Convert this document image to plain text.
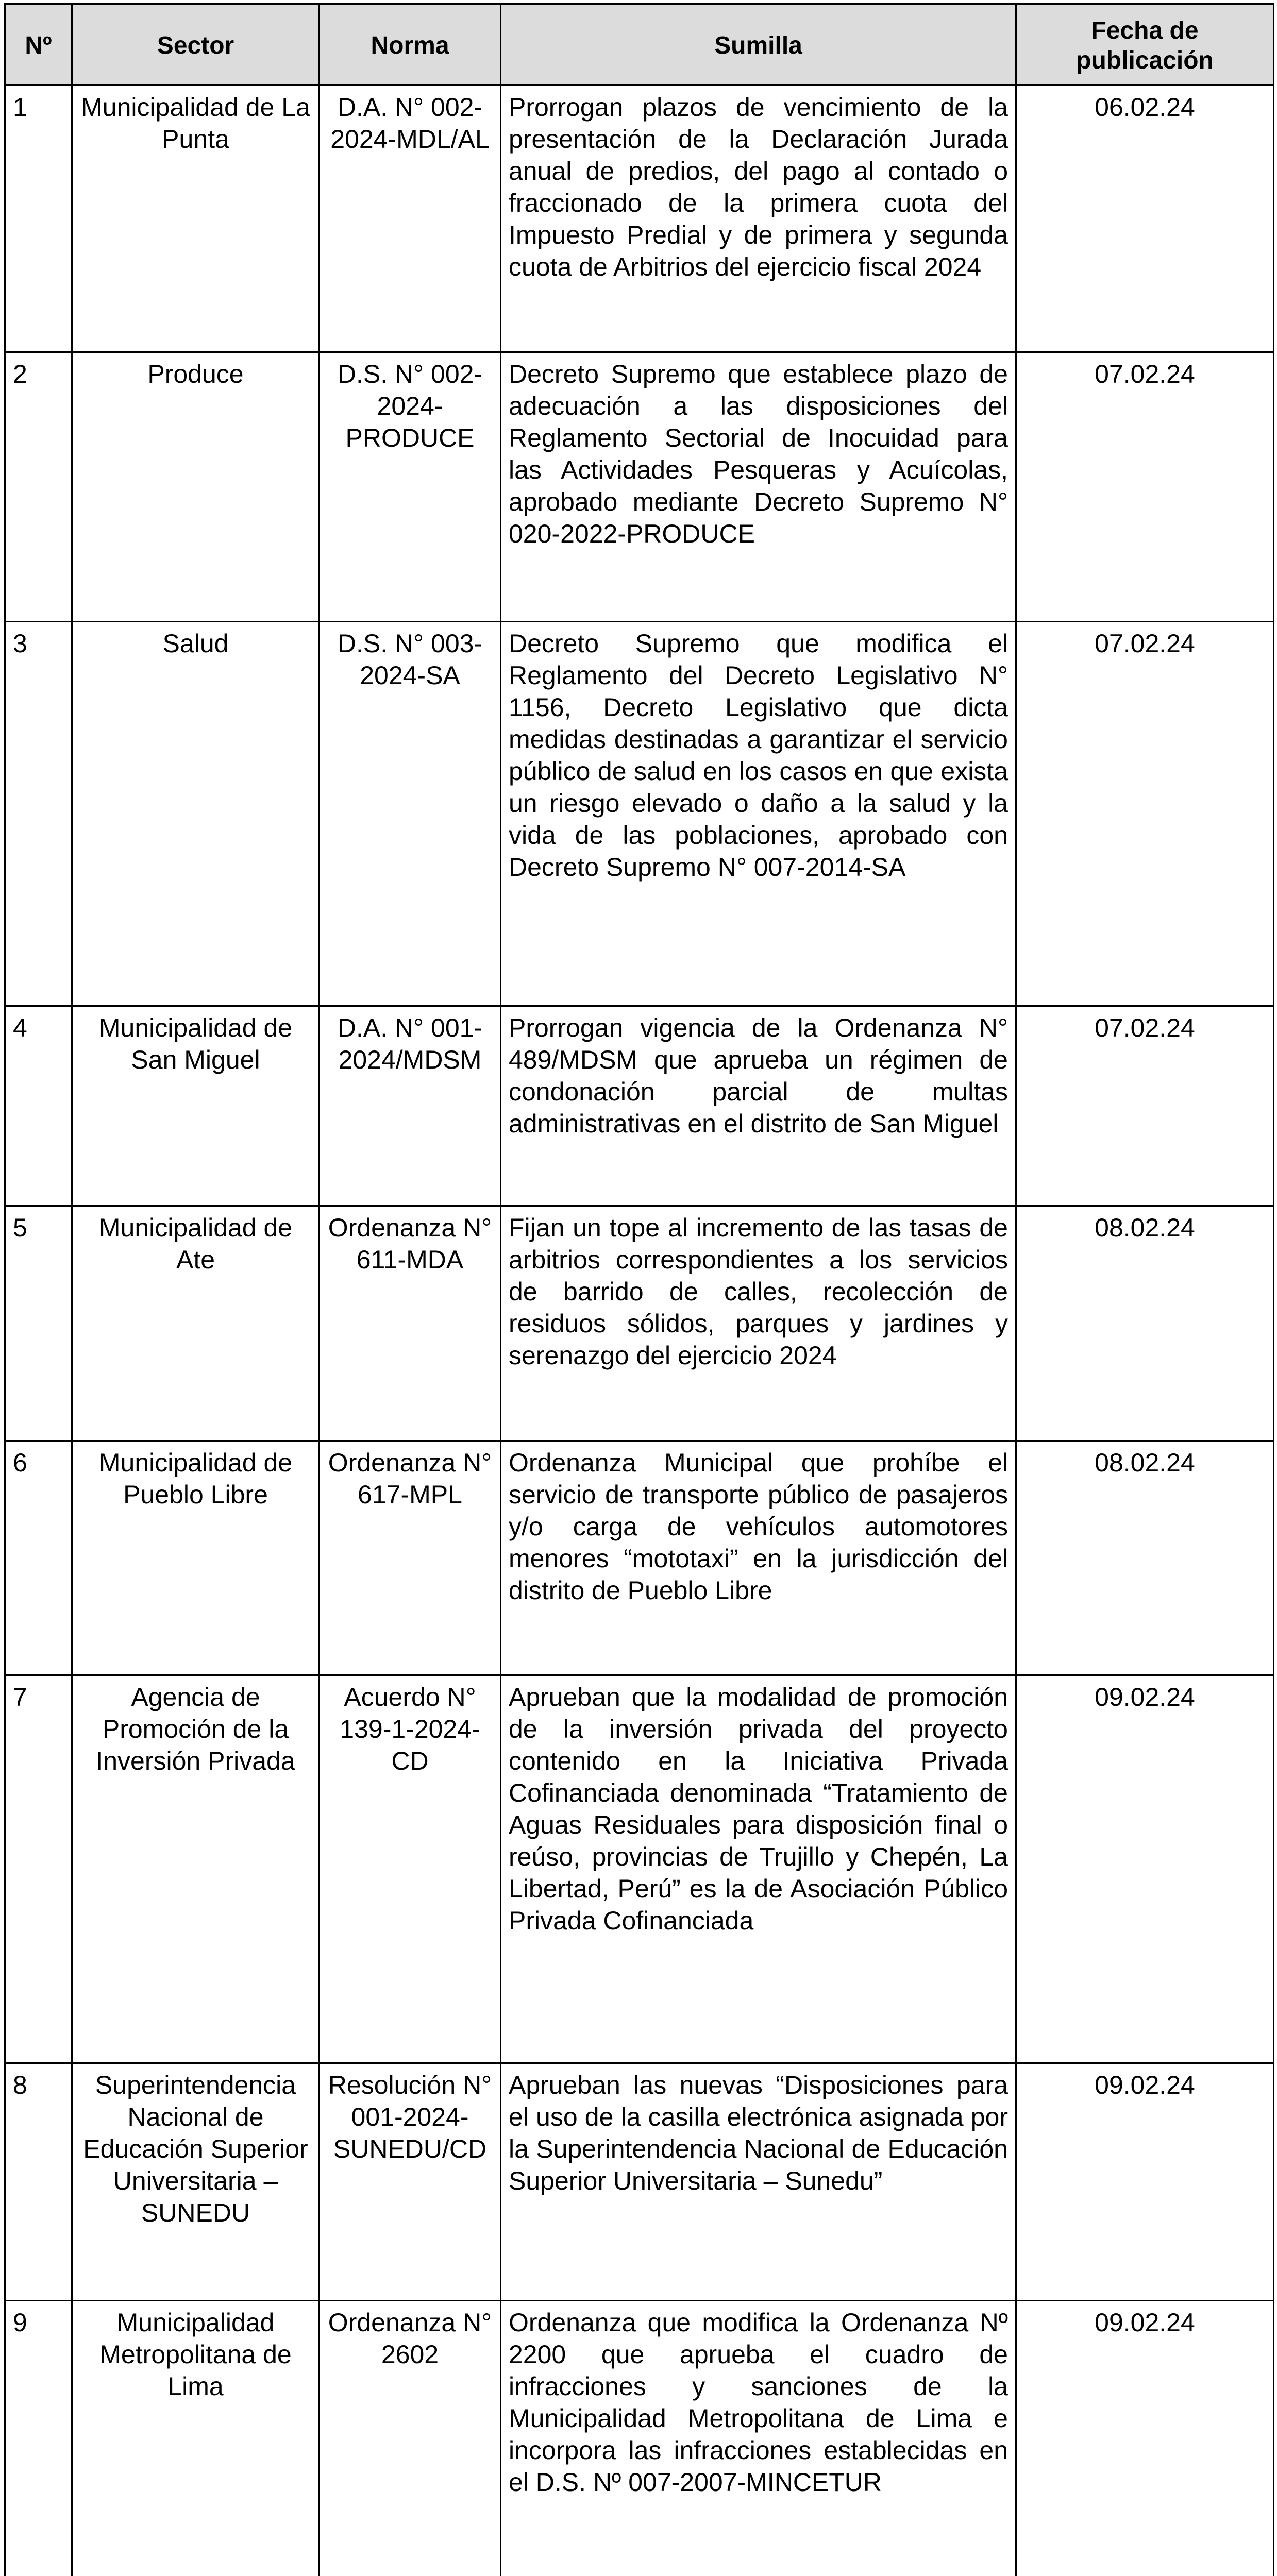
Nº	Sector	Norma	Sumilla	Fecha de
publicación

1	Municipalidad de La Punta	D.A. N° 002-2024-MDL/AL	Prorrogan plazos de vencimiento de la presentación de la Declaración Jurada anual de predios, del pago al contado o fraccionado de la primera cuota del Impuesto Predial y de primera y segunda cuota de Arbitrios del ejercicio fiscal 2024	06.02.24
2	Produce	D.S. N° 002-2024-PRODUCE	Decreto Supremo que establece plazo de adecuación a las disposiciones del Reglamento Sectorial de Inocuidad para las Actividades Pesqueras y Acuícolas, aprobado mediante Decreto Supremo N° 020-2022-PRODUCE	07.02.24
3	Salud	D.S. N° 003-2024-SA	Decreto Supremo que modifica el Reglamento del Decreto Legislativo N° 1156, Decreto Legislativo que dicta medidas destinadas a garantizar el servicio público de salud en los casos en que exista un riesgo elevado o daño a la salud y la vida de las poblaciones, aprobado con Decreto Supremo N° 007-2014-SA	07.02.24
4	Municipalidad de San Miguel	D.A. N° 001-2024/MDSM	Prorrogan vigencia de la Ordenanza N° 489/MDSM que aprueba un régimen de condonación parcial de multas administrativas en el distrito de San Miguel	07.02.24
5	Municipalidad de Ate	Ordenanza N° 611-MDA	Fijan un tope al incremento de las tasas de arbitrios correspondientes a los servicios de barrido de calles, recolección de residuos sólidos, parques y jardines y serenazgo del ejercicio 2024	08.02.24
6	Municipalidad de Pueblo Libre	Ordenanza N° 617-MPL	Ordenanza Municipal que prohíbe el servicio de transporte público de pasajeros y/o carga de vehículos automotores menores “mototaxi” en la jurisdicción del distrito de Pueblo Libre	08.02.24
7	Agencia de Promoción de la Inversión Privada	Acuerdo N° 139-1-2024-CD	Aprueban que la modalidad de promoción de la inversión privada del proyecto contenido en la Iniciativa Privada Cofinanciada denominada “Tratamiento de Aguas Residuales para disposición final o reúso, provincias de Trujillo y Chepén, La Libertad, Perú” es la de Asociación Público Privada Cofinanciada	09.02.24
8	Superintendencia Nacional de Educación Superior Universitaria – SUNEDU	Resolución N° 001-2024-SUNEDU/CD	Aprueban las nuevas “Disposiciones para el uso de la casilla electrónica asignada por la Superintendencia Nacional de Educación Superior Universitaria – Sunedu”	09.02.24
9	Municipalidad Metropolitana de Lima	Ordenanza N° 2602	Ordenanza que modifica la Ordenanza Nº 2200 que aprueba el cuadro de infracciones y sanciones de la Municipalidad Metropolitana de Lima e incorpora las infracciones establecidas en el D.S. Nº 007-2007-MINCETUR	09.02.24
